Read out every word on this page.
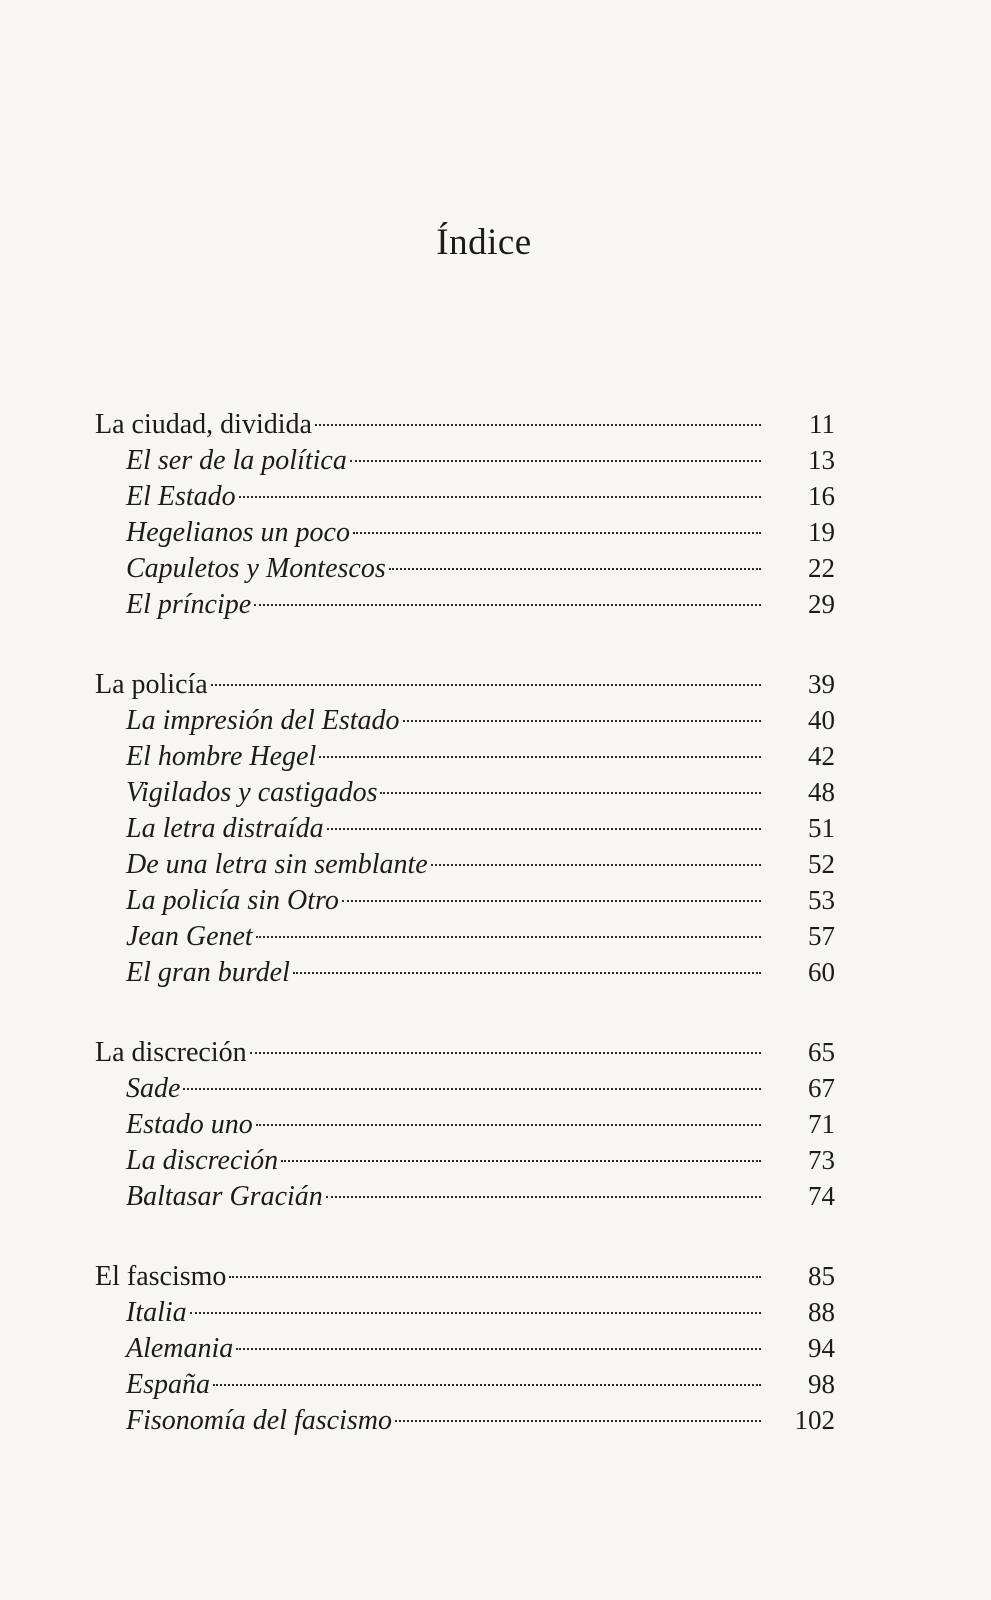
Índice
La ciudad, dividida	11
El ser de la política	13
El Estado	16
Hegelianos un poco	19
Capuletos y Montescos	22
El príncipe	29
La policía	39
La impresión del Estado	40
El hombre Hegel	42
Vigilados y castigados	48
La letra distraída	51
De una letra sin semblante	52
La policía sin Otro	53
Jean Genet	57
El gran burdel	60
La discreción	65
Sade	67
Estado uno	71
La discreción	73
Baltasar Gracián	74
El fascismo	85
Italia	88
Alemania	94
España	98
Fisonomía del fascismo	102
